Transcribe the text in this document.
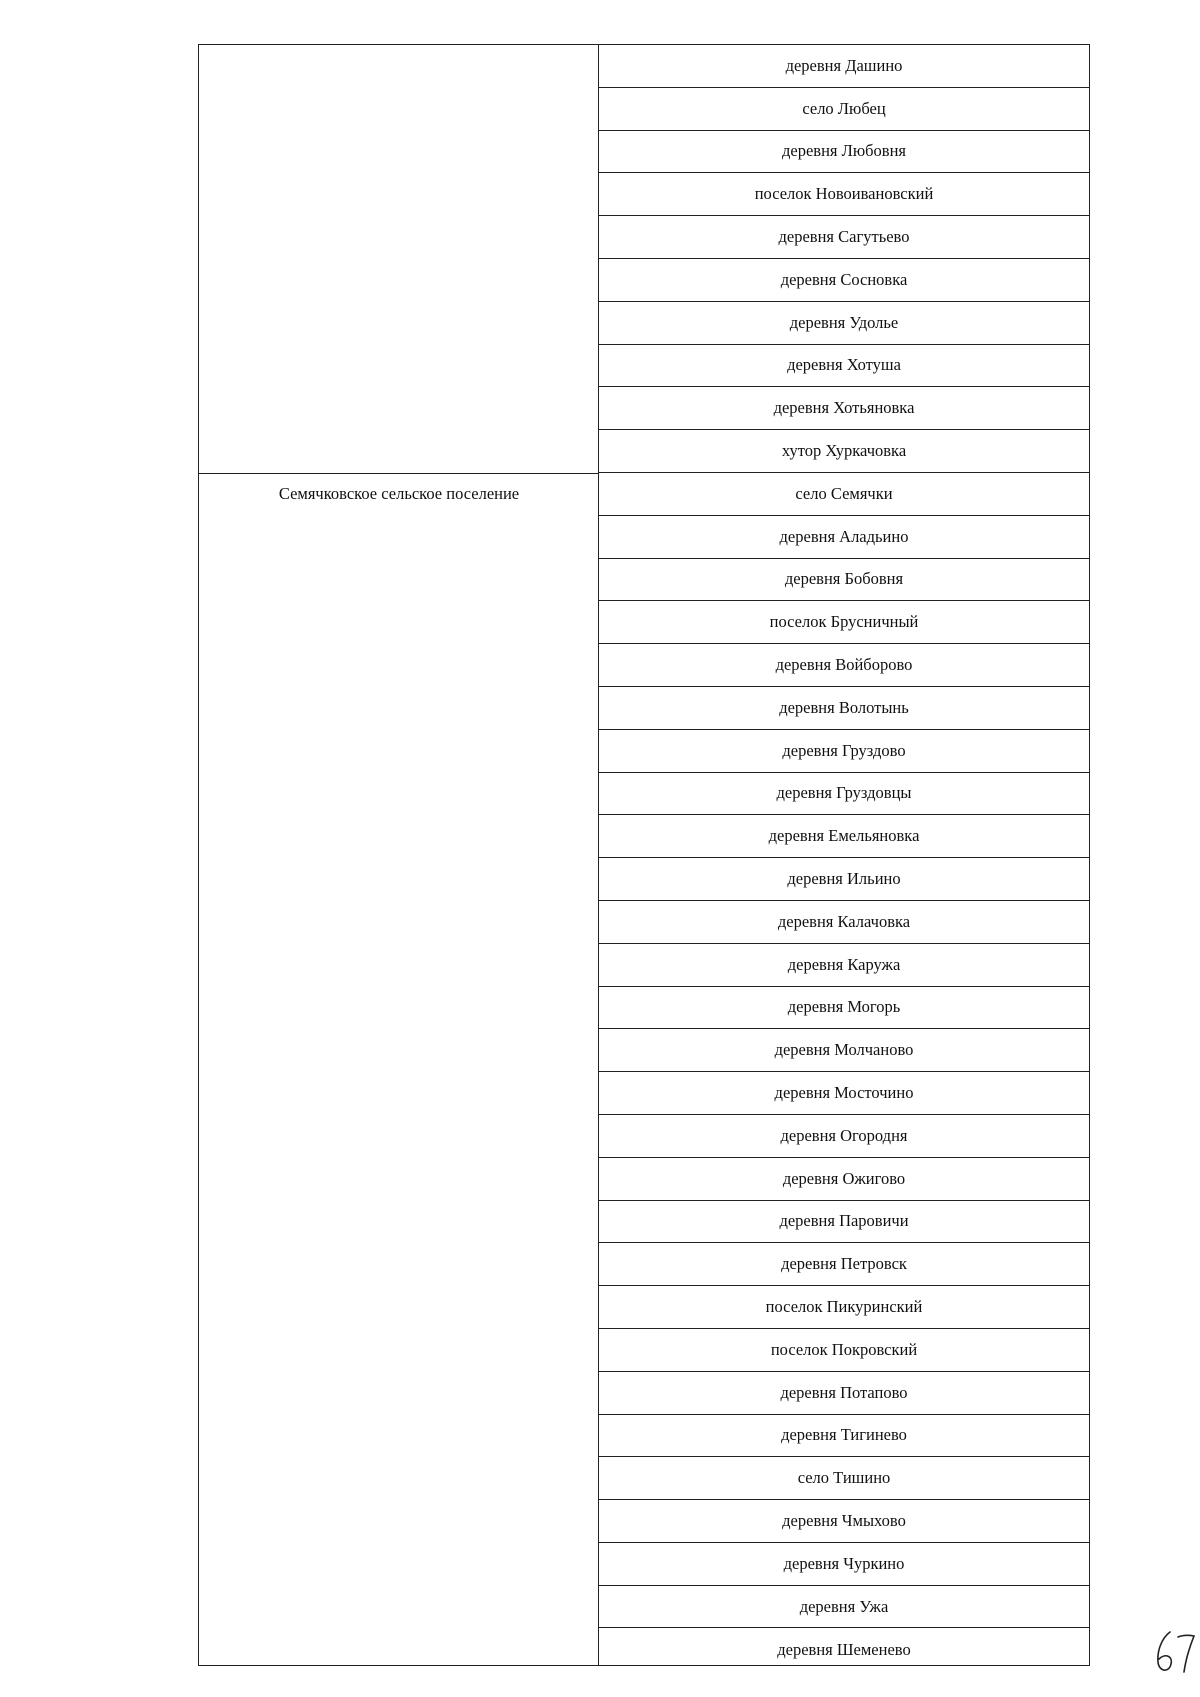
Семячковское сельское поселение
деревня Дашино
село Любец
деревня Любовня
поселок Новоивановский
деревня Сагутьево
деревня Сосновка
деревня Удолье
деревня Хотуша
деревня Хотьяновка
хутор Хуркачовка
село Семячки
деревня Аладьино
деревня Бобовня
поселок Брусничный
деревня Войборово
деревня Волотынь
деревня Груздово
деревня Груздовцы
деревня Емельяновка
деревня Ильино
деревня Калачовка
деревня Каружа
деревня Могорь
деревня Молчаново
деревня Мосточино
деревня Огородня
деревня Ожигово
деревня Паровичи
деревня Петровск
поселок Пикуринский
поселок Покровский
деревня Потапово
деревня Тигинево
село Тишино
деревня Чмыхово
деревня Чуркино
деревня Ужа
деревня Шеменево
